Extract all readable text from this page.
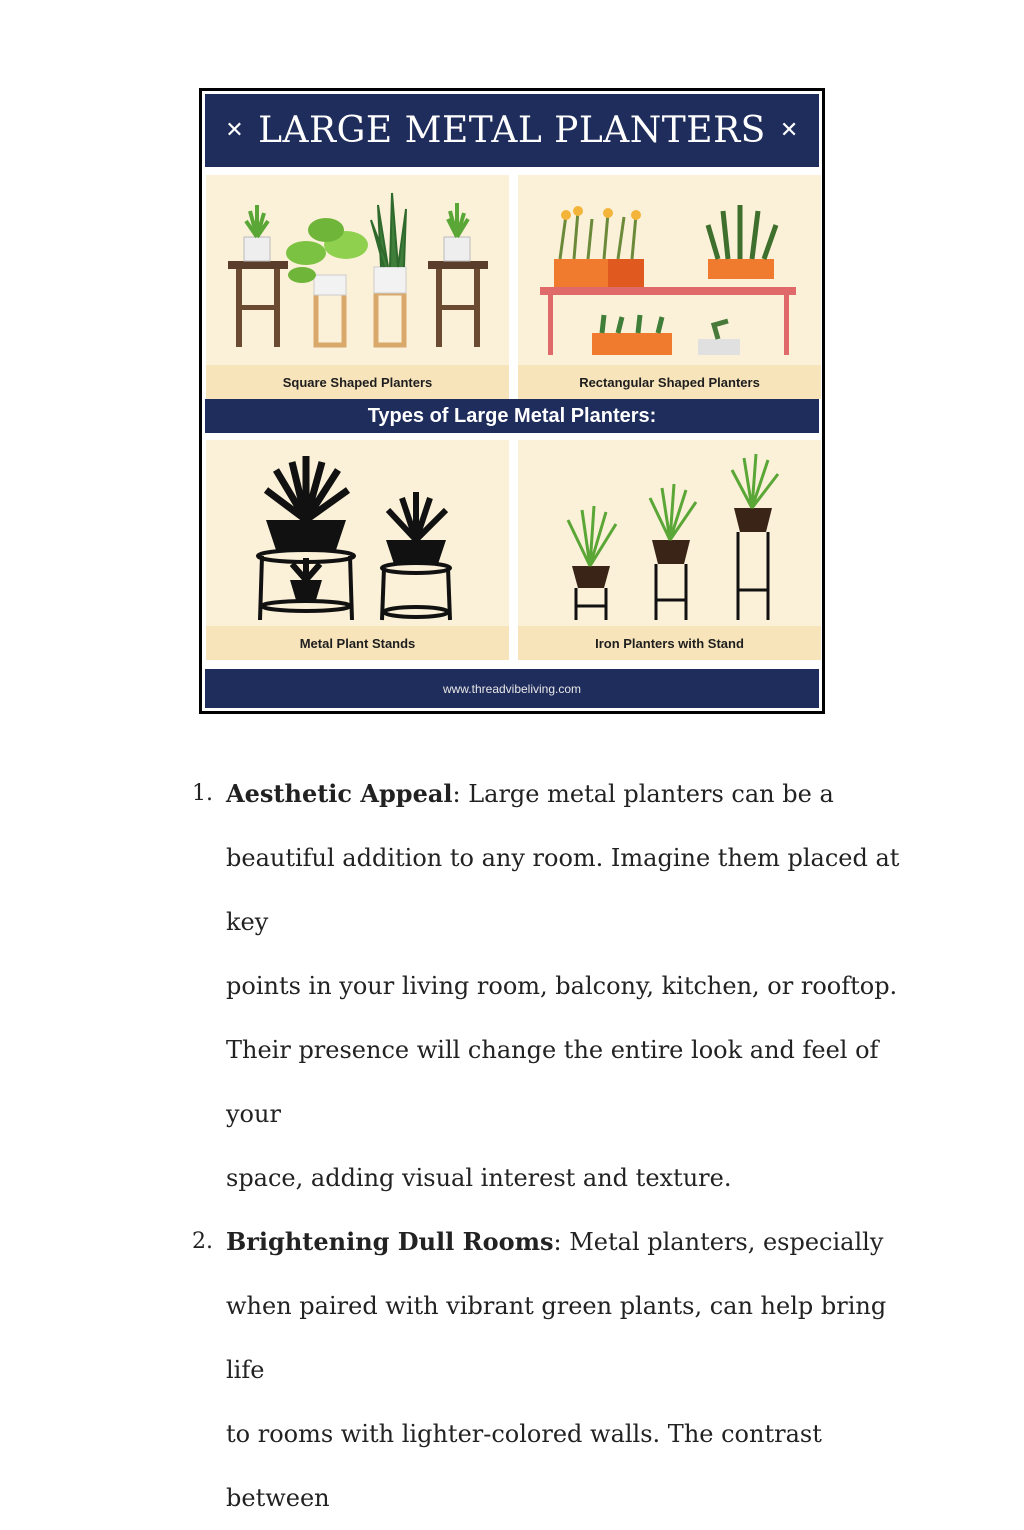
✕ LARGE METAL PLANTERS ✕
Square Shaped Planters	Rectangular Shaped Planters
Types of Large Metal Planters:
Metal Plant Stands	Iron Planters with Stand
www.threadvibeliving.com
1. Aesthetic Appeal: Large metal planters can be a
beautiful addition to any room. Imagine them placed at key
points in your living room, balcony, kitchen, or rooftop.
Their presence will change the entire look and feel of your
space, adding visual interest and texture.
2. Brightening Dull Rooms: Metal planters, especially
when paired with vibrant green plants, can help bring life
to rooms with lighter-colored walls. The contrast between
